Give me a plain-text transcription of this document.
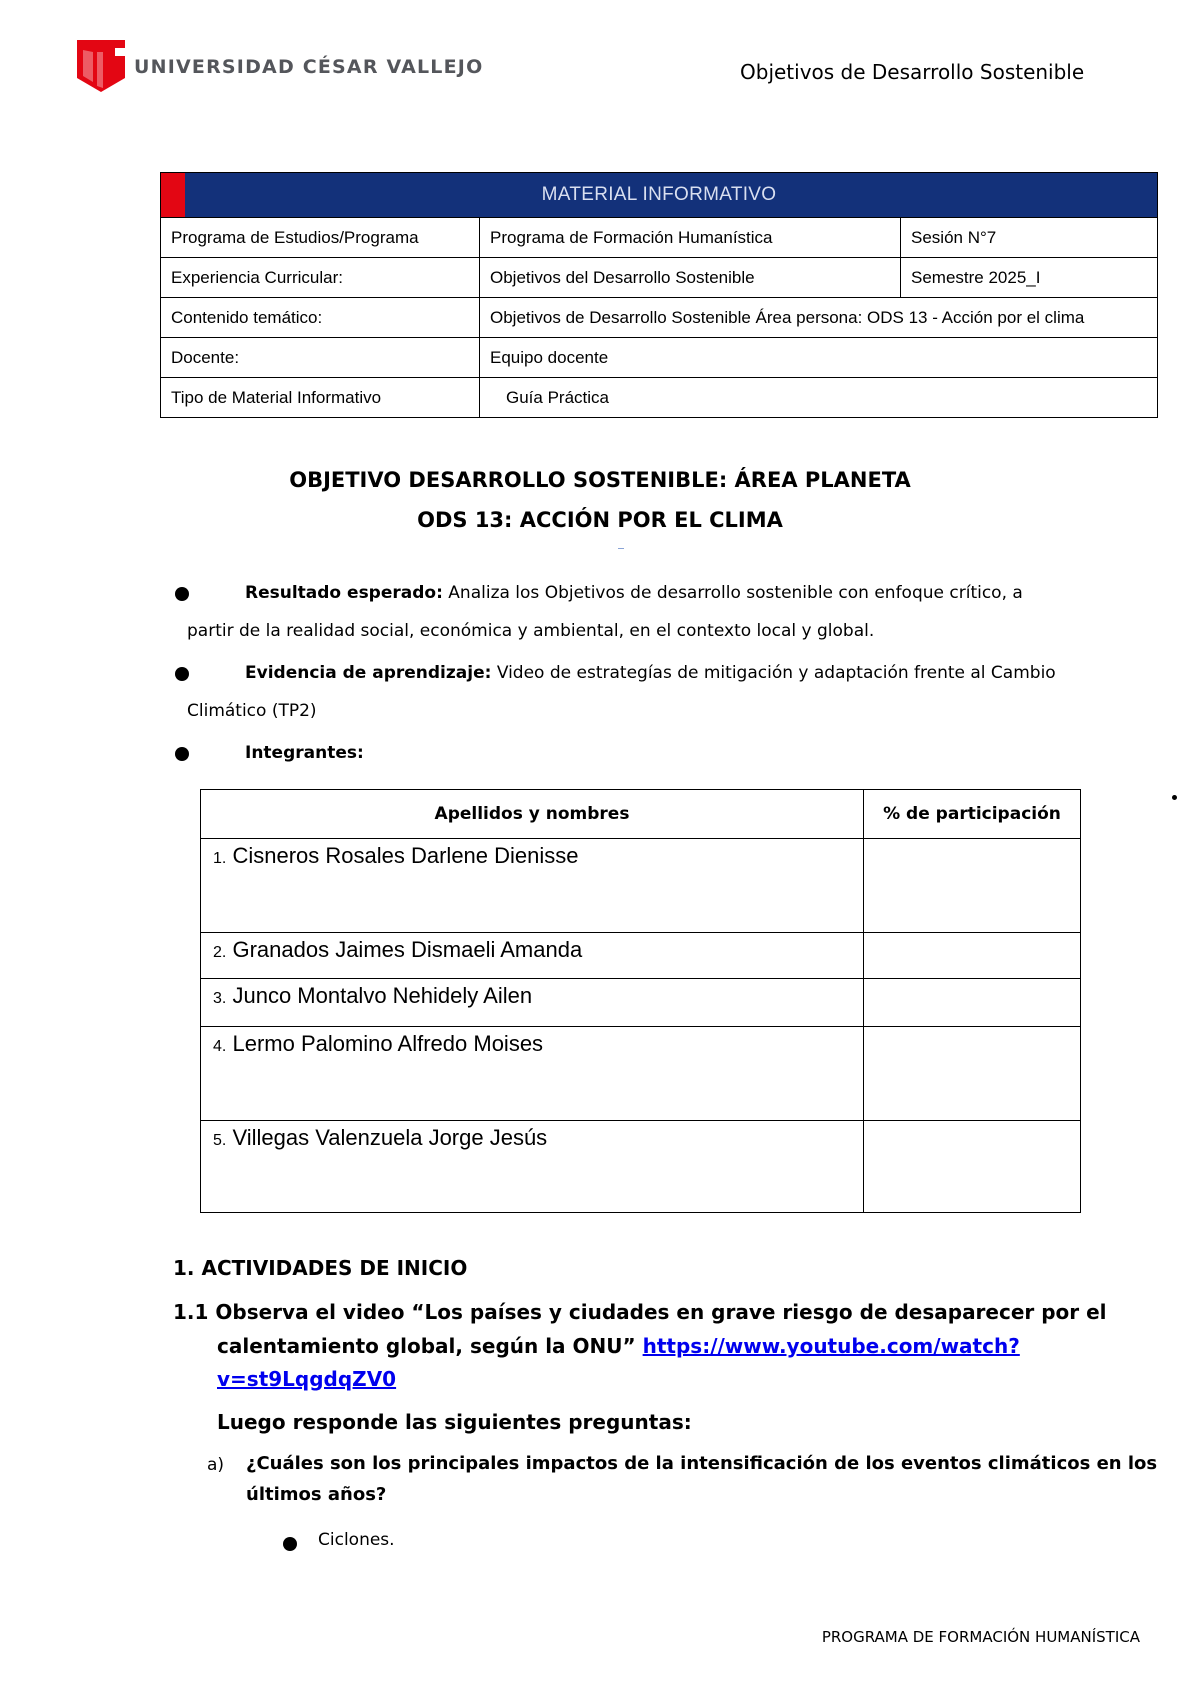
UNIVERSIDAD CÉSAR VALLEJO	Objetivos de Desarrollo Sostenible
MATERIAL INFORMATIVO		
Programa de Estudios/Programa	Programa de Formación Humanística	Sesión N°7
Experiencia Curricular:	Objetivos del Desarrollo Sostenible	Semestre 2025_I
Contenido temático:	Objetivos de Desarrollo Sostenible Área persona: ODS 13 - Acción por el clima	
Docente:	Equipo docente	
Tipo de Material Informativo	Guía Práctica	
OBJETIVO DESARROLLO SOSTENIBLE: ÁREA PLANETA
ODS 13: ACCIÓN POR EL CLIMA
Resultado esperado: Analiza los Objetivos de desarrollo sostenible con enfoque crítico, a
partir de la realidad social, económica y ambiental, en el contexto local y global.
Evidencia de aprendizaje: Video de estrategías de mitigación y adaptación frente al Cambio
Climático (TP2)
Integrantes:
Apellidos y nombres	% de participación
1. Cisneros Rosales Darlene Dienisse	
2. Granados Jaimes Dismaeli Amanda	
3. Junco Montalvo Nehidely Ailen	
4. Lermo Palomino Alfredo Moises	
5. Villegas Valenzuela Jorge Jesús	
1. ACTIVIDADES DE INICIO
1.1 Observa el video “Los países y ciudades en grave riesgo de desaparecer por el
calentamiento global, según la ONU” https://www.youtube.com/watch?
v=st9LqgdqZV0
Luego responde las siguientes preguntas:
a) ¿Cuáles son los principales impactos de la intensificación de los eventos climáticos en los
últimos años?
Ciclones.
PROGRAMA DE FORMACIÓN HUMANÍSTICA
